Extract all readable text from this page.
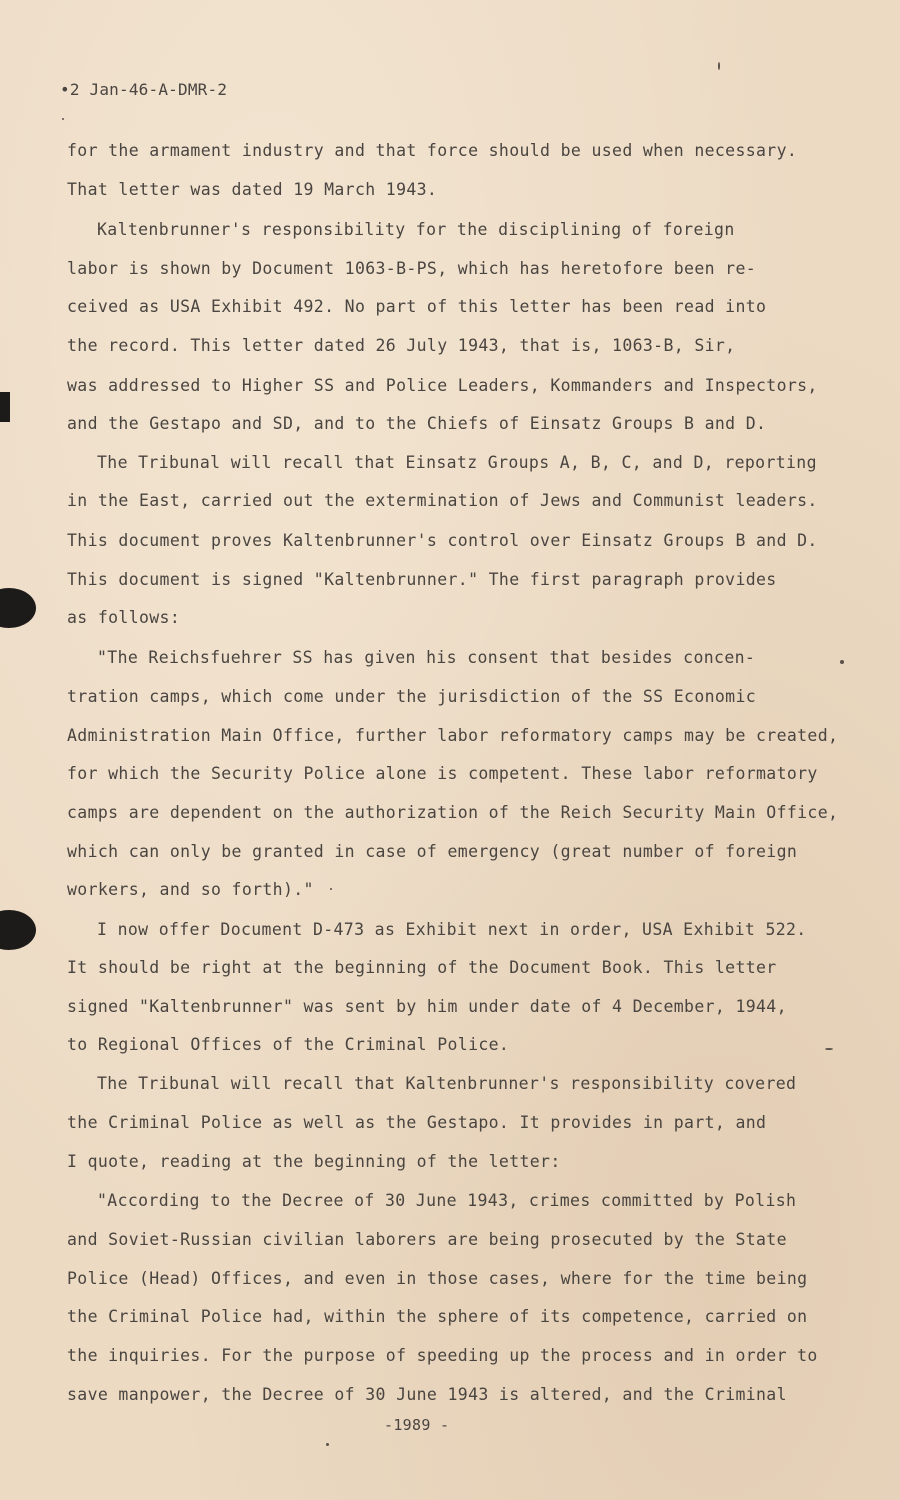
•2 Jan-46-A-DMR-2
for the armament industry and that force should be used when necessary.
That letter was dated 19 March 1943.
Kaltenbrunner's responsibility for the disciplining of foreign
labor is shown by Document 1063-B-PS, which has heretofore been re-
ceived as USA Exhibit 492. No part of this letter has been read into
the record. This letter dated 26 July 1943, that is, 1063-B, Sir,
was addressed to Higher SS and Police Leaders, Kommanders and Inspectors,
and the Gestapo and SD, and to the Chiefs of Einsatz Groups B and D.
The Tribunal will recall that Einsatz Groups A, B, C, and D, reporting
in the East, carried out the extermination of Jews and Communist leaders.
This document proves Kaltenbrunner's control over Einsatz Groups B and D.
This document is signed "Kaltenbrunner." The first paragraph provides
as follows:
"The Reichsfuehrer SS has given his consent that besides concen-
tration camps, which come under the jurisdiction of the SS Economic
Administration Main Office, further labor reformatory camps may be created,
for which the Security Police alone is competent. These labor reformatory
camps are dependent on the authorization of the Reich Security Main Office,
which can only be granted in case of emergency (great number of foreign
workers, and so forth)."
I now offer Document D-473 as Exhibit next in order, USA Exhibit 522.
It should be right at the beginning of the Document Book. This letter
signed "Kaltenbrunner" was sent by him under date of 4 December, 1944,
to Regional Offices of the Criminal Police.
The Tribunal will recall that Kaltenbrunner's responsibility covered
the Criminal Police as well as the Gestapo. It provides in part, and
I quote, reading at the beginning of the letter:
"According to the Decree of 30 June 1943, crimes committed by Polish
and Soviet-Russian civilian laborers are being prosecuted by the State
Police (Head) Offices, and even in those cases, where for the time being
the Criminal Police had, within the sphere of its competence, carried on
the inquiries. For the purpose of speeding up the process and in order to
save manpower, the Decree of 30 June 1943 is altered, and the Criminal
-1989 -
